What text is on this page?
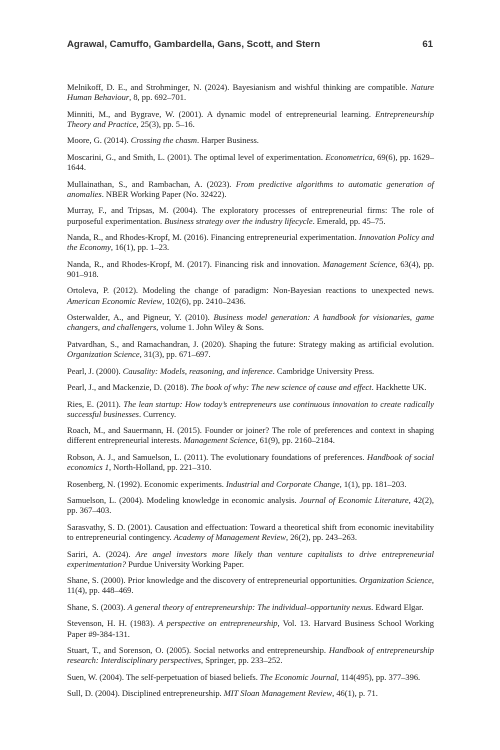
Agrawal, Camuffo, Gambardella, Gans, Scott, and Stern	61

Melnikoff, D. E., and Strohminger, N. (2024). Bayesianism and wishful thinking are compatible. Nature Human Behaviour, 8, pp. 692–701.

Minniti, M., and Bygrave, W. (2001). A dynamic model of entrepreneurial learning. Entrepreneurship Theory and Practice, 25(3), pp. 5–16.

Moore, G. (2014). Crossing the chasm. Harper Business.

Moscarini, G., and Smith, L. (2001). The optimal level of experimentation. Econometrica, 69(6), pp. 1629–1644.

Mullainathan, S., and Rambachan, A. (2023). From predictive algorithms to automatic generation of anomalies. NBER Working Paper (No. 32422).

Murray, F., and Tripsas, M. (2004). The exploratory processes of entrepreneurial firms: The role of purposeful experimentation. Business strategy over the industry lifecycle. Emerald, pp. 45–75.

Nanda, R., and Rhodes-Kropf, M. (2016). Financing entrepreneurial experimentation. Innovation Policy and the Economy, 16(1), pp. 1–23.

Nanda, R., and Rhodes-Kropf, M. (2017). Financing risk and innovation. Management Science, 63(4), pp. 901–918.

Ortoleva, P. (2012). Modeling the change of paradigm: Non-Bayesian reactions to unexpected news. American Economic Review, 102(6), pp. 2410–2436.

Osterwalder, A., and Pigneur, Y. (2010). Business model generation: A handbook for visionaries, game changers, and challengers, volume 1. John Wiley & Sons.

Patvardhan, S., and Ramachandran, J. (2020). Shaping the future: Strategy making as artificial evolution. Organization Science, 31(3), pp. 671–697.

Pearl, J. (2000). Causality: Models, reasoning, and inference. Cambridge University Press.

Pearl, J., and Mackenzie, D. (2018). The book of why: The new science of cause and effect. Hackhette UK.

Ries, E. (2011). The lean startup: How today’s entrepreneurs use continuous innovation to create radically successful businesses. Currency.

Roach, M., and Sauermann, H. (2015). Founder or joiner? The role of preferences and context in shaping different entrepreneurial interests. Management Science, 61(9), pp. 2160–2184.

Robson, A. J., and Samuelson, L. (2011). The evolutionary foundations of preferences. Handbook of social economics 1, North-Holland, pp. 221–310.

Rosenberg, N. (1992). Economic experiments. Industrial and Corporate Change, 1(1), pp. 181–203.

Samuelson, L. (2004). Modeling knowledge in economic analysis. Journal of Economic Literature, 42(2), pp. 367–403.

Sarasvathy, S. D. (2001). Causation and effectuation: Toward a theoretical shift from economic inevitability to entrepreneurial contingency. Academy of Management Review, 26(2), pp. 243–263.

Sariri, A. (2024). Are angel investors more likely than venture capitalists to drive entrepreneurial experimentation? Purdue University Working Paper.

Shane, S. (2000). Prior knowledge and the discovery of entrepreneurial opportunities. Organization Science, 11(4), pp. 448–469.

Shane, S. (2003). A general theory of entrepreneurship: The individual–opportunity nexus. Edward Elgar.

Stevenson, H. H. (1983). A perspective on entrepreneurship, Vol. 13. Harvard Business School Working Paper #9-384-131.

Stuart, T., and Sorenson, O. (2005). Social networks and entrepreneurship. Handbook of entrepreneurship research: Interdisciplinary perspectives, Springer, pp. 233–252.

Suen, W. (2004). The self-perpetuation of biased beliefs. The Economic Journal, 114(495), pp. 377–396.

Sull, D. (2004). Disciplined entrepreneurship. MIT Sloan Management Review, 46(1), p. 71.
